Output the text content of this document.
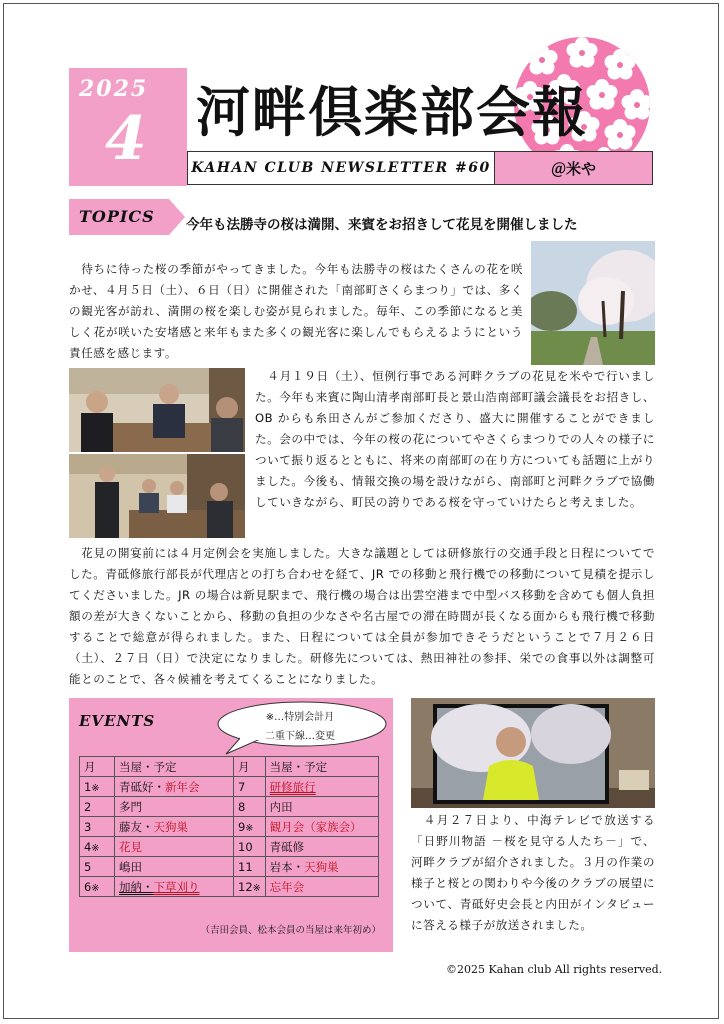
2025
4 河畔倶楽部会報
KAHAN CLUB NEWSLETTER #60	＠米や
TOPICS 今年も法勝寺の桜は満開、来賓をお招きして花見を開催しました

　待ちに待った桜の季節がやってきました。今年も法勝寺の桜はたくさんの花を咲かせ、４月５日（土）、６日（日）に開催された「南部町さくらまつり」では、多くの観光客が訪れ、満開の桜を楽しむ姿が見られました。毎年、この季節になると美しく花が咲いた安堵感と来年もまた多くの観光客に楽しんでもらえるようにという責任感を感じます。

　４月１９日（土）、恒例行事である河畔クラブの花見を米やで行いました。今年も来賓に陶山清孝南部町長と景山浩南部町議会議長をお招きし、OB からも糸田さんがご参加くださり、盛大に開催することができました。会の中では、今年の桜の花についてやさくらまつりでの人々の様子について振り返るとともに、将来の南部町の在り方についても話題に上がりました。今後も、情報交換の場を設けながら、南部町と河畔クラブで協働していきながら、町民の誇りである桜を守っていけたらと考えました。

　花見の開宴前には４月定例会を実施しました。大きな議題としては研修旅行の交通手段と日程についてでした。青砥修旅行部長が代理店との打ち合わせを経て、JR での移動と飛行機での移動について見積を提示してくださいました。JR の場合は新見駅まで、飛行機の場合は出雲空港まで中型バス移動を含めても個人負担額の差が大きくないことから、移動の負担の少なさや名古屋での滞在時間が長くなる面からも飛行機で移動することで総意が得られました。また、日程については全員が参加できそうだということで７月２６日（土）、２７日（日）で決定になりました。研修先については、熱田神社の参拝、栄での食事以外は調整可能とのことで、各々候補を考えてくることになりました。

EVENTS	※…特別会計月
二重下線…変更
月	当屋・予定	月	当屋・予定
1※	青砥好・新年会	7	研修旅行
2	多門	8	内田
3	藤友・天狗巣	9※	観月会（家族会）
4※	花見	10	青砥修
5	嶋田	11	岩本・天狗巣
6※	加納・下草刈り	12※	忘年会
（吉田会員、松本会員の当屋は来年初め）

　４月２７日より、中海テレビで放送する「日野川物語 －桜を見守る人たち－」で、河畔クラブが紹介されました。３月の作業の様子と桜との関わりや今後のクラブの展望について、青砥好史会長と内田がインタビューに答える様子が放送されました。

©2025 Kahan club All rights reserved.
